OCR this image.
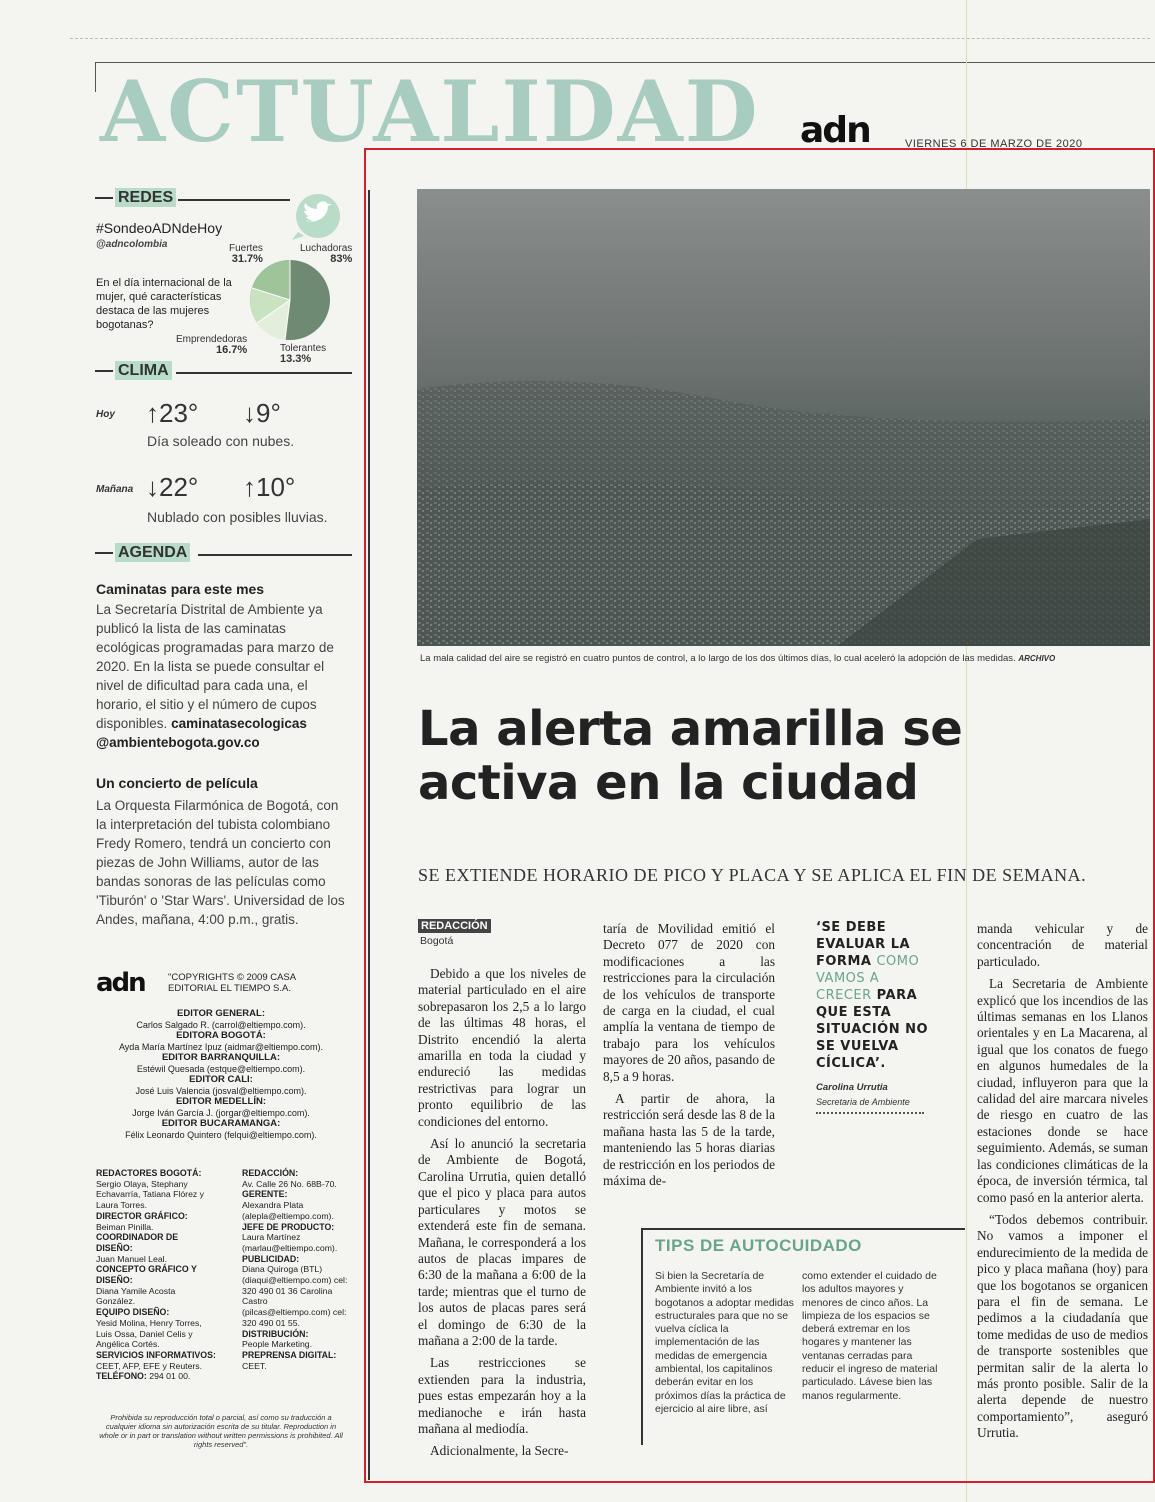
ACTUALIDAD adn	VIERNES 6 DE MARZO DE 2020
REDES
#SondeoADNdeHoy
@adncolombia
En el día internacional de la mujer, qué características destaca de las mujeres bogotanas?
Fuertes
31.7%
Luchadoras
83%
Emprendedoras
16.7%	Tolerantes
13.3%
CLIMA
Hoy ↑23° ↓9°
Día soleado con nubes.
Mañana ↓22° ↑10°
Nublado con posibles lluvias.
AGENDA
Caminatas para este mes
La Secretaría Distrital de Ambiente ya publicó la lista de las caminatas ecológicas programadas para marzo de 2020. En la lista se puede consultar el nivel de dificultad para cada una, el horario, el sitio y el número de cupos disponibles. caminatasecologicas @ambientebogota.gov.co
Un concierto de película
La Orquesta Filarmónica de Bogotá, con la interpretación del tubista colombiano Fredy Romero, tendrá un concierto con piezas de John Williams, autor de las bandas sonoras de las películas como 'Tiburón' o 'Star Wars'. Universidad de los Andes, mañana, 4:00 p.m., gratis.
adn "COPYRIGHTS © 2009 CASA
EDITORIAL EL TIEMPO S.A.
EDITOR GENERAL:
Carlos Salgado R. (carrol@eltiempo.com).
EDITORA BOGOTÁ:
Ayda María Martínez Ipuz (aidmar@eltiempo.com).
EDITOR BARRANQUILLA:
Estéwil Quesada (estque@eltiempo.com).
EDITOR CALI:
José Luis Valencia (josval@eltiempo.com).
EDITOR MEDELLÍN:
Jorge Iván García J. (jorgar@eltiempo.com).
EDITOR BUCARAMANGA:
Félix Leonardo Quintero (felqui@eltiempo.com).
REDACTORES BOGOTÁ:
Sergio Olaya, Stephany Echavarría, Tatiana Flórez y Laura Torres.
DIRECTOR GRÁFICO:
Beiman Pinilla.
COORDINADOR DE DISEÑO:
Juan Manuel Leal.
CONCEPTO GRÁFICO Y DISEÑO:
Diana Yamile Acosta González.
EQUIPO DISEÑO:
Yesid Molina, Henry Torres, Luis Ossa, Daniel Celis y Angélica Cortés.
SERVICIOS INFORMATIVOS:
CEET, AFP, EFE y Reuters.
TELÉFONO: 294 01 00.
REDACCIÓN:
Av. Calle 26 No. 68B-70.
GERENTE:
Alexandra Plata (alepla@eltiempo.com).
JEFE DE PRODUCTO:
Laura Martínez (marlau@eltiempo.com).
PUBLICIDAD:
Diana Quiroga (BTL) (diaqui@eltiempo.com) cel: 320 490 01 36 Carolina Castro (pilcas@eltiempo.com) cel: 320 490 01 55.
DISTRIBUCIÓN:
People Marketing.
PREPRENSA DIGITAL:
CEET.
Prohibida su reproducción total o parcial, así como su traducción a cualquier idioma sin autorización escrita de su titular. Reproduction in whole or in part or translation without written permissions is prohibited. All rights reserved".
La mala calidad del aire se registró en cuatro puntos de control, a lo largo de los dos últimos días, lo cual aceleró la adopción de las medidas. ARCHIVO
La alerta amarilla se activa en la ciudad
SE EXTIENDE HORARIO DE PICO Y PLACA Y SE APLICA EL FIN DE SEMANA.
REDACCIÓN
Bogotá

Debido a que los niveles de material particulado en el aire sobrepasaron los 2,5 a lo largo de las últimas 48 horas, el Distrito encendió la alerta amarilla en toda la ciudad y endureció las medidas restrictivas para lograr un pronto equilibrio de las condiciones del entorno.

Así lo anunció la secretaria de Ambiente de Bogotá, Carolina Urrutia, quien detalló que el pico y placa para autos particulares y motos se extenderá este fin de semana. Mañana, le corresponderá a los autos de placas impares de 6:30 de la mañana a 6:00 de la tarde; mientras que el turno de los autos de placas pares será el domingo de 6:30 de la mañana a 2:00 de la tarde.

Las restricciones se extienden para la industria, pues estas empezarán hoy a la medianoche e irán hasta mañana al mediodía.

Adicionalmente, la Secre-

taría de Movilidad emitió el Decreto 077 de 2020 con modificaciones a las restricciones para la circulación de los vehículos de transporte de carga en la ciudad, el cual amplía la ventana de tiempo de trabajo para los vehículos mayores de 20 años, pasando de 8,5 a 9 horas.

A partir de ahora, la restricción será desde las 8 de la mañana hasta las 5 de la tarde, manteniendo las 5 horas diarias de restricción en los periodos de máxima de-

‘SE DEBE EVALUAR LA FORMA COMO VAMOS A CRECER PARA QUE ESTA SITUACIÓN NO SE VUELVA CÍCLICA’.
Carolina Urrutia
Secretaria de Ambiente

manda vehicular y de concentración de material particulado.

La Secretaria de Ambiente explicó que los incendios de las últimas semanas en los Llanos orientales y en La Macarena, al igual que los conatos de fuego en algunos humedales de la ciudad, influyeron para que la calidad del aire marcara niveles de riesgo en cuatro de las estaciones donde se hace seguimiento. Además, se suman las condiciones climáticas de la época, de inversión térmica, tal como pasó en la anterior alerta.

“Todos debemos contribuir. No vamos a imponer el endurecimiento de la medida de pico y placa mañana (hoy) para que los bogotanos se organicen para el fin de semana. Le pedimos a la ciudadanía que tome medidas de uso de medios de transporte sostenibles que permitan salir de la alerta lo más pronto posible. Salir de la alerta depende de nuestro comportamiento”, aseguró Urrutia.

TIPS DE AUTOCUIDADO
Si bien la Secretaría de Ambiente invitó a los bogotanos a adoptar medidas estructurales para que no se vuelva cíclica la implementación de las medidas de emergencia ambiental, los capitalinos deberán evitar en los próximos días la práctica de ejercicio al aire libre, así
como extender el cuidado de los adultos mayores y menores de cinco años. La limpieza de los espacios se deberá extremar en los hogares y mantener las ventanas cerradas para reducir el ingreso de material particulado. Lávese bien las manos regularmente.
